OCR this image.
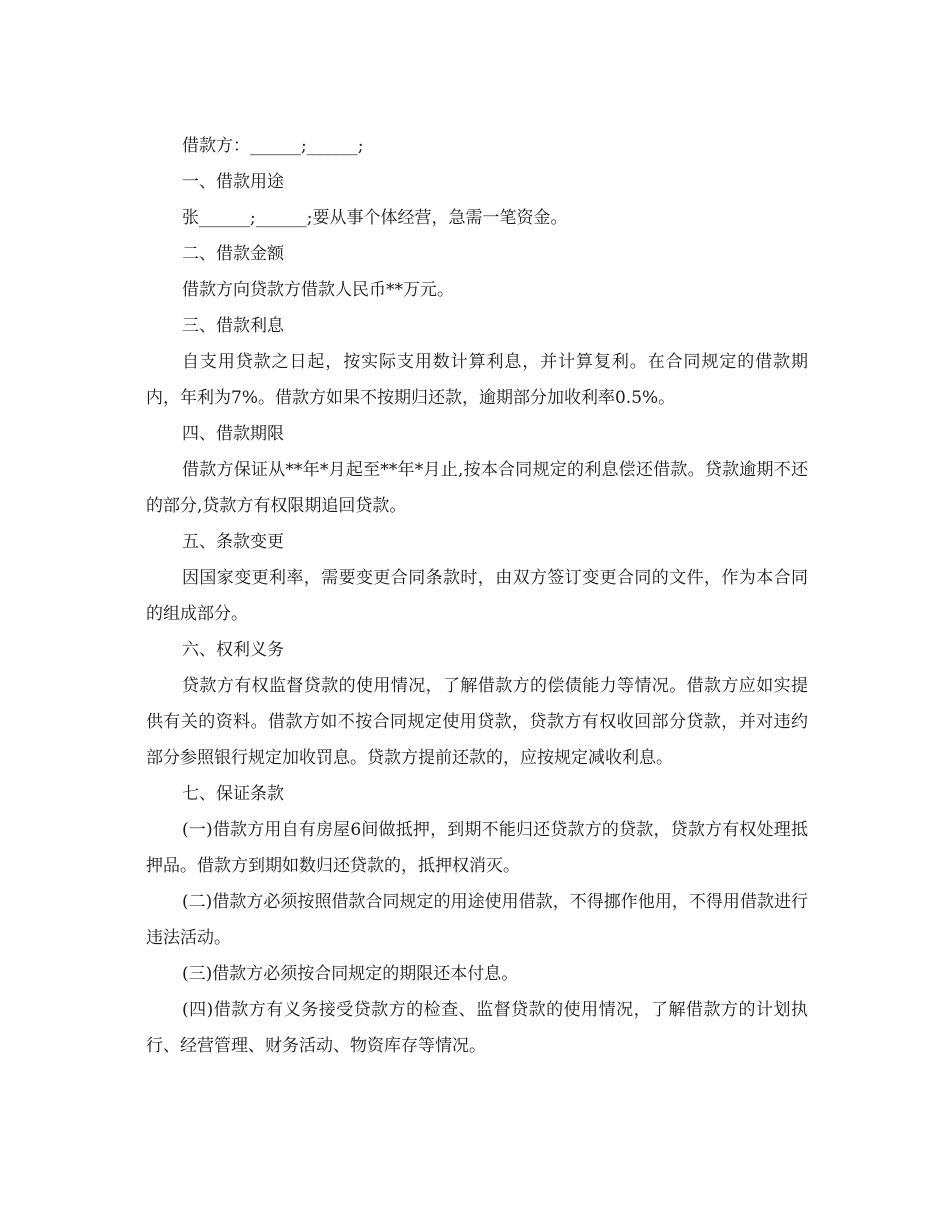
借款方：______;______;

一、借款用途

张______;______;要从事个体经营，急需一笔资金。

二、借款金额

借款方向贷款方借款人民币**万元。

三、借款利息

自支用贷款之日起，按实际支用数计算利息，并计算复利。在合同规定的借款期内，年利为7%。借款方如果不按期归还款，逾期部分加收利率0.5%。

四、借款期限

借款方保证从**年*月起至**年*月止,按本合同规定的利息偿还借款。贷款逾期不还的部分,贷款方有权限期追回贷款。

五、条款变更

因国家变更利率，需要变更合同条款时，由双方签订变更合同的文件，作为本合同的组成部分。

六、权利义务

贷款方有权监督贷款的使用情况，了解借款方的偿债能力等情况。借款方应如实提供有关的资料。借款方如不按合同规定使用贷款，贷款方有权收回部分贷款，并对违约部分参照银行规定加收罚息。贷款方提前还款的，应按规定减收利息。

七、保证条款

(一)借款方用自有房屋6间做抵押，到期不能归还贷款方的贷款，贷款方有权处理抵押品。借款方到期如数归还贷款的，抵押权消灭。

(二)借款方必须按照借款合同规定的用途使用借款，不得挪作他用，不得用借款进行违法活动。

(三)借款方必须按合同规定的期限还本付息。

(四)借款方有义务接受贷款方的检查、监督贷款的使用情况，了解借款方的计划执行、经营管理、财务活动、物资库存等情况。
